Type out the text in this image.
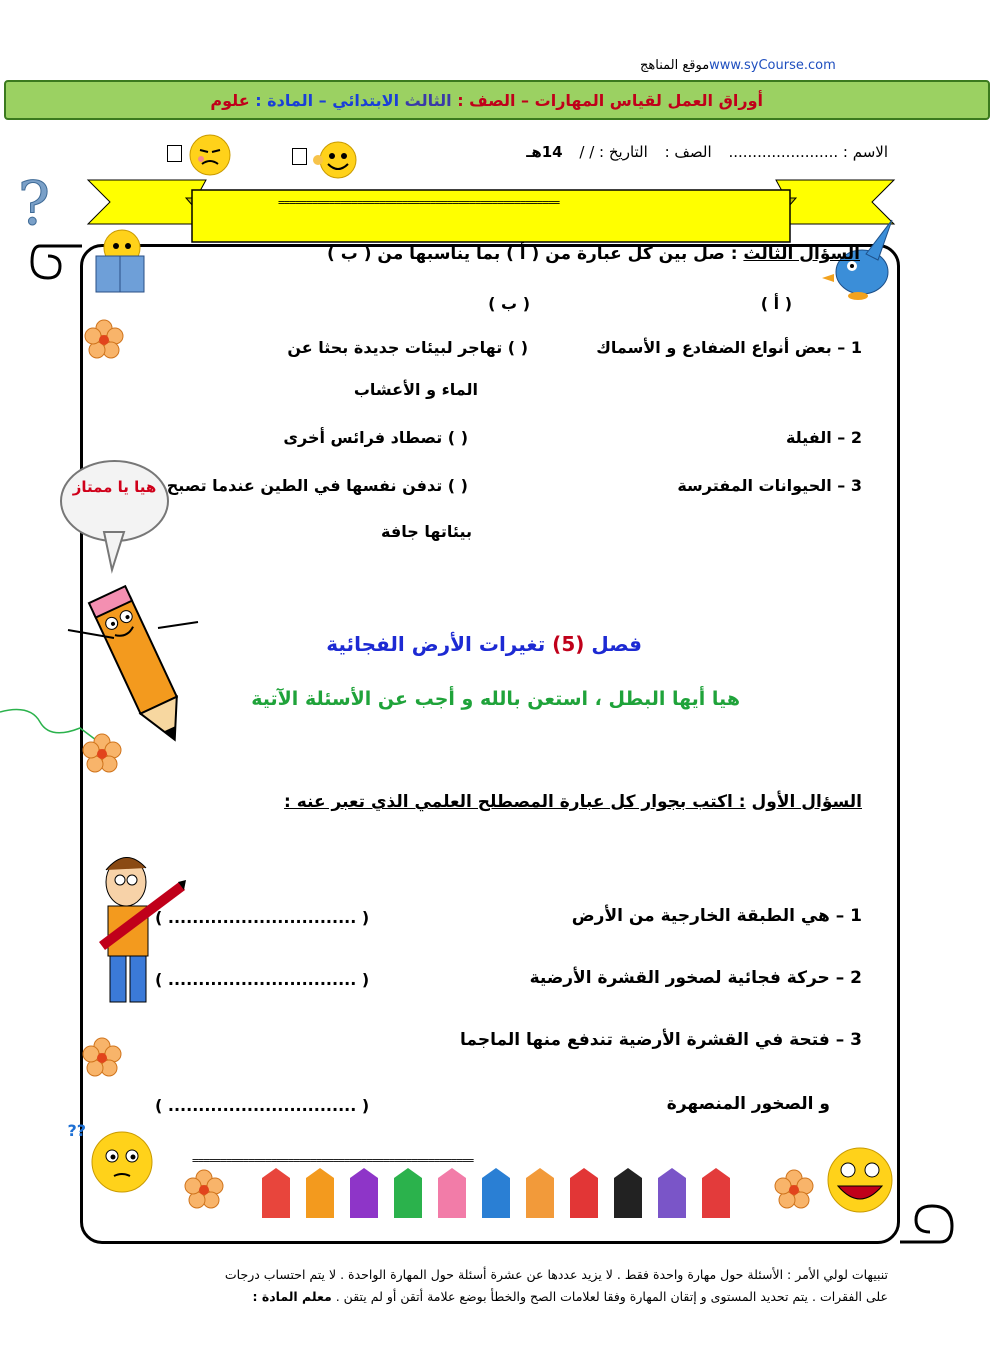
موقع المناهجwww.syCourse.com
أوراق العمل لقياس المهارات – الصف : الثالث الابتدائي – المادة : علوم
الاسم : ....................... الصف : التاريخ : / / 14هـ
?	==================================================
السؤال الثالث : صل بين كل عبارة من ( أ ) بما يناسبها من ( ب )
( أ )
( ب )
1 – بعض أنواع الضفادع و الأسماك
2 – الفيلة
3 – الحيوانات المفترسة
( ) تهاجر لبيئات جديدة بحثا عن
الماء و الأعشاب
( ) تصطاد فرائس أخرى
( ) تدفن نفسها في الطين عندما تصبح
بيئاتها جافة
هيا يا ممتاز
فصل (5) تغيرات الأرض الفجائية
هيا أيها البطل ، استعن بالله و أجب عن الأسئلة الآتية
السؤال الأول : اكتب بجوار كل عبارة المصطلح العلمي الذي تعبر عنه :
1 – هي الطبقة الخارجية من الأرض
2 – حركة فجائية لصخور القشرة الأرضية
3 – فتحة في القشرة الأرضية تندفع منها الماجما
و الصخور المنصهرة
( ............................... )
( ............................... )
( ............................... )
??
==================================================
تنبيهات لولي الأمر : الأسئلة حول مهارة واحدة فقط . لا يزيد عددها عن عشرة أسئلة حول المهارة الواحدة . لا يتم احتساب درجات
على الفقرات . يتم تحديد المستوى و إتقان المهارة وفقا لعلامات الصح والخطأ بوضع علامة أتقن أو لم يتقن . معلم المادة :
